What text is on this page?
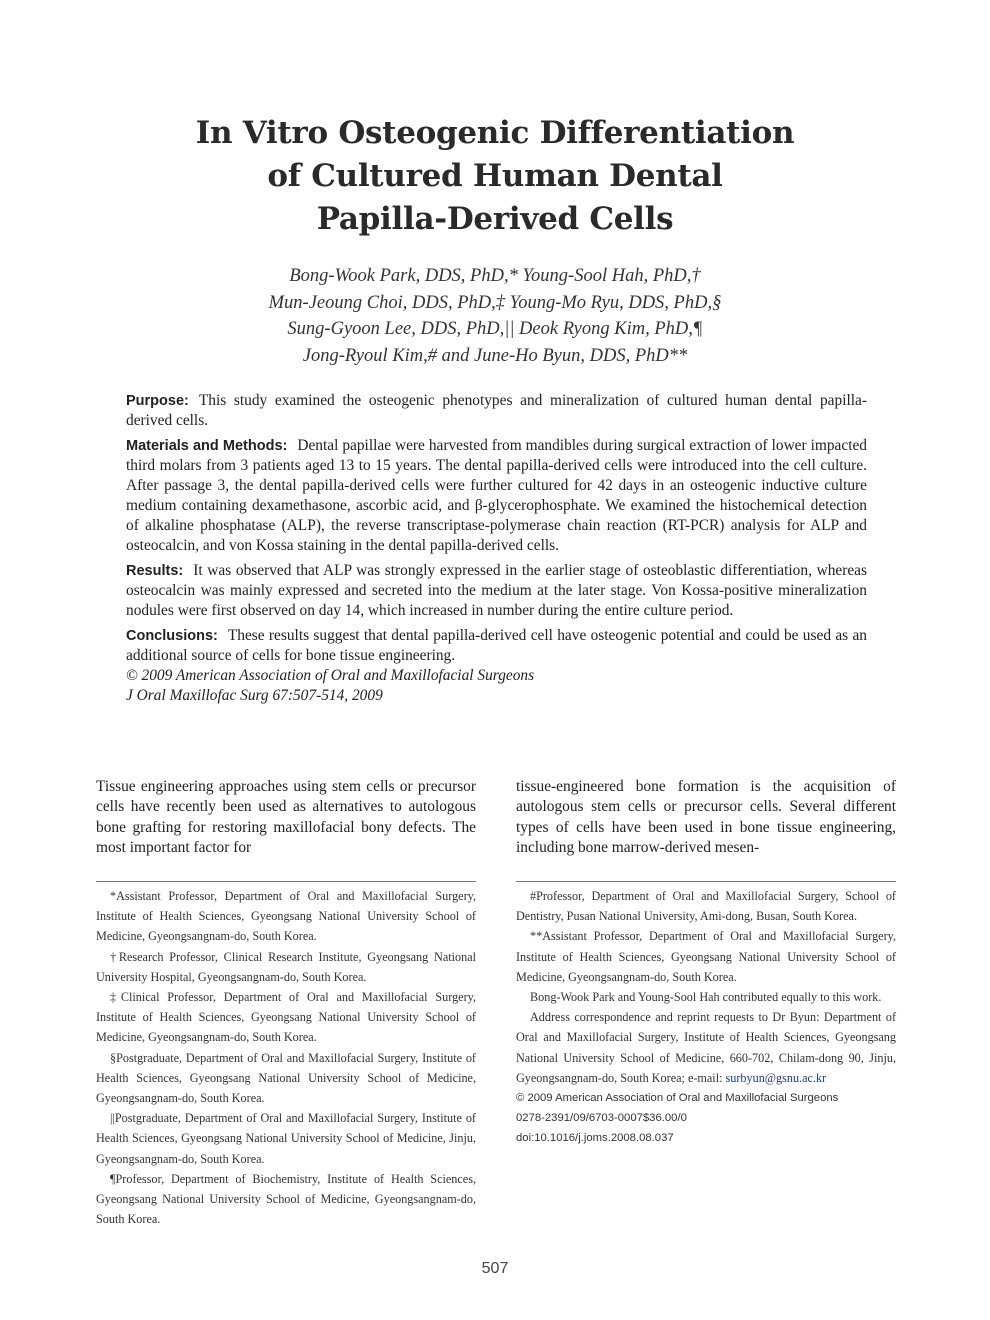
In Vitro Osteogenic Differentiation
of Cultured Human Dental
Papilla-Derived Cells
Bong-Wook Park, DDS, PhD,* Young-Sool Hah, PhD,†
Mun-Jeoung Choi, DDS, PhD,‡ Young-Mo Ryu, DDS, PhD,§
Sung-Gyoon Lee, DDS, PhD,|| Deok Ryong Kim, PhD,¶
Jong-Ryoul Kim,# and June-Ho Byun, DDS, PhD**

Purpose: This study examined the osteogenic phenotypes and mineralization of cultured human dental papilla-derived cells.

Materials and Methods: Dental papillae were harvested from mandibles during surgical extraction of lower impacted third molars from 3 patients aged 13 to 15 years. The dental papilla-derived cells were introduced into the cell culture. After passage 3, the dental papilla-derived cells were further cultured for 42 days in an osteogenic inductive culture medium containing dexamethasone, ascorbic acid, and β-glycerophosphate. We examined the histochemical detection of alkaline phosphatase (ALP), the reverse transcriptase-polymerase chain reaction (RT-PCR) analysis for ALP and osteocalcin, and von Kossa staining in the dental papilla-derived cells.

Results: It was observed that ALP was strongly expressed in the earlier stage of osteoblastic differentiation, whereas osteocalcin was mainly expressed and secreted into the medium at the later stage. Von Kossa-positive mineralization nodules were first observed on day 14, which increased in number during the entire culture period.

Conclusions: These results suggest that dental papilla-derived cell have osteogenic potential and could be used as an additional source of cells for bone tissue engineering.

© 2009 American Association of Oral and Maxillofacial Surgeons

J Oral Maxillofac Surg 67:507-514, 2009

Tissue engineering approaches using stem cells or precursor cells have recently been used as alternatives to autologous bone grafting for restoring maxillofacial bony defects. The most important factor for
tissue-engineered bone formation is the acquisition of autologous stem cells or precursor cells. Several different types of cells have been used in bone tissue engineering, including bone marrow-derived mesen-

*Assistant Professor, Department of Oral and Maxillofacial Surgery, Institute of Health Sciences, Gyeongsang National University School of Medicine, Gyeongsangnam-do, South Korea.

†Research Professor, Clinical Research Institute, Gyeongsang National University Hospital, Gyeongsangnam-do, South Korea.

‡Clinical Professor, Department of Oral and Maxillofacial Surgery, Institute of Health Sciences, Gyeongsang National University School of Medicine, Gyeongsangnam-do, South Korea.

§Postgraduate, Department of Oral and Maxillofacial Surgery, Institute of Health Sciences, Gyeongsang National University School of Medicine, Gyeongsangnam-do, South Korea.

||Postgraduate, Department of Oral and Maxillofacial Surgery, Institute of Health Sciences, Gyeongsang National University School of Medicine, Jinju, Gyeongsangnam-do, South Korea.

¶Professor, Department of Biochemistry, Institute of Health Sciences, Gyeongsang National University School of Medicine, Gyeongsangnam-do, South Korea.

#Professor, Department of Oral and Maxillofacial Surgery, School of Dentistry, Pusan National University, Ami-dong, Busan, South Korea.

**Assistant Professor, Department of Oral and Maxillofacial Surgery, Institute of Health Sciences, Gyeongsang National University School of Medicine, Gyeongsangnam-do, South Korea.

Bong-Wook Park and Young-Sool Hah contributed equally to this work.

Address correspondence and reprint requests to Dr Byun: Department of Oral and Maxillofacial Surgery, Institute of Health Sciences, Gyeongsang National University School of Medicine, 660-702, Chilam-dong 90, Jinju, Gyeongsangnam-do, South Korea; e-mail: surbyun@gsnu.ac.kr

© 2009 American Association of Oral and Maxillofacial Surgeons

0278-2391/09/6703-0007$36.00/0

doi:10.1016/j.joms.2008.08.037

507
